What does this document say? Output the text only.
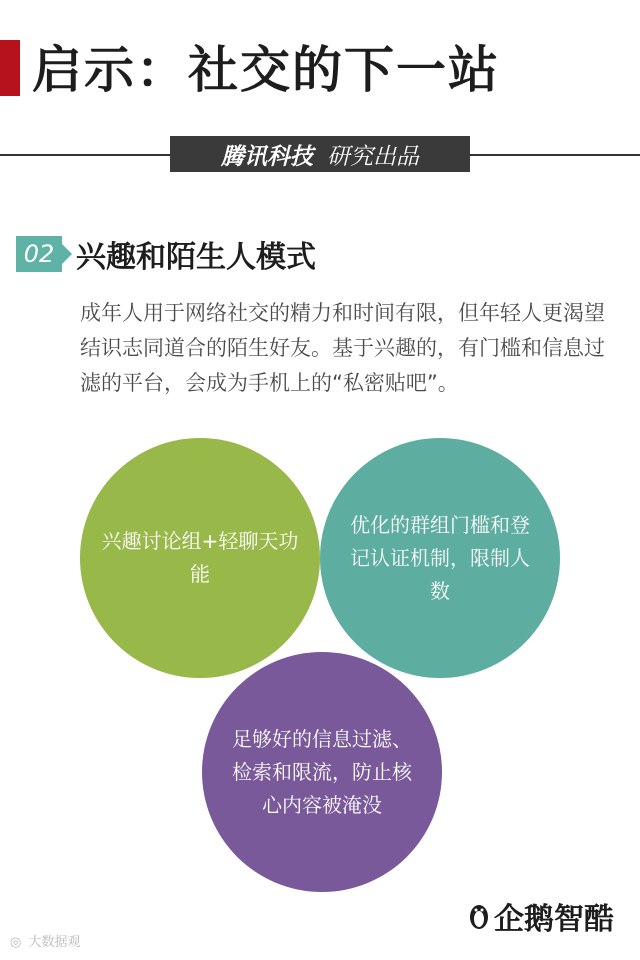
启示：社交的下一站
腾讯科技 研究出品
02 兴趣和陌生人模式
成年人用于网络社交的精力和时间有限，但年轻人更渴望结识志同道合的陌生好友。基于兴趣的，有门槛和信息过滤的平台，会成为手机上的“私密贴吧”。
兴趣讨论组+轻聊天功能
优化的群组门槛和登记认证机制，限制人数
足够好的信息过滤、检索和限流，防止核心内容被淹没
企鹅智酷
◎ 大数据观
